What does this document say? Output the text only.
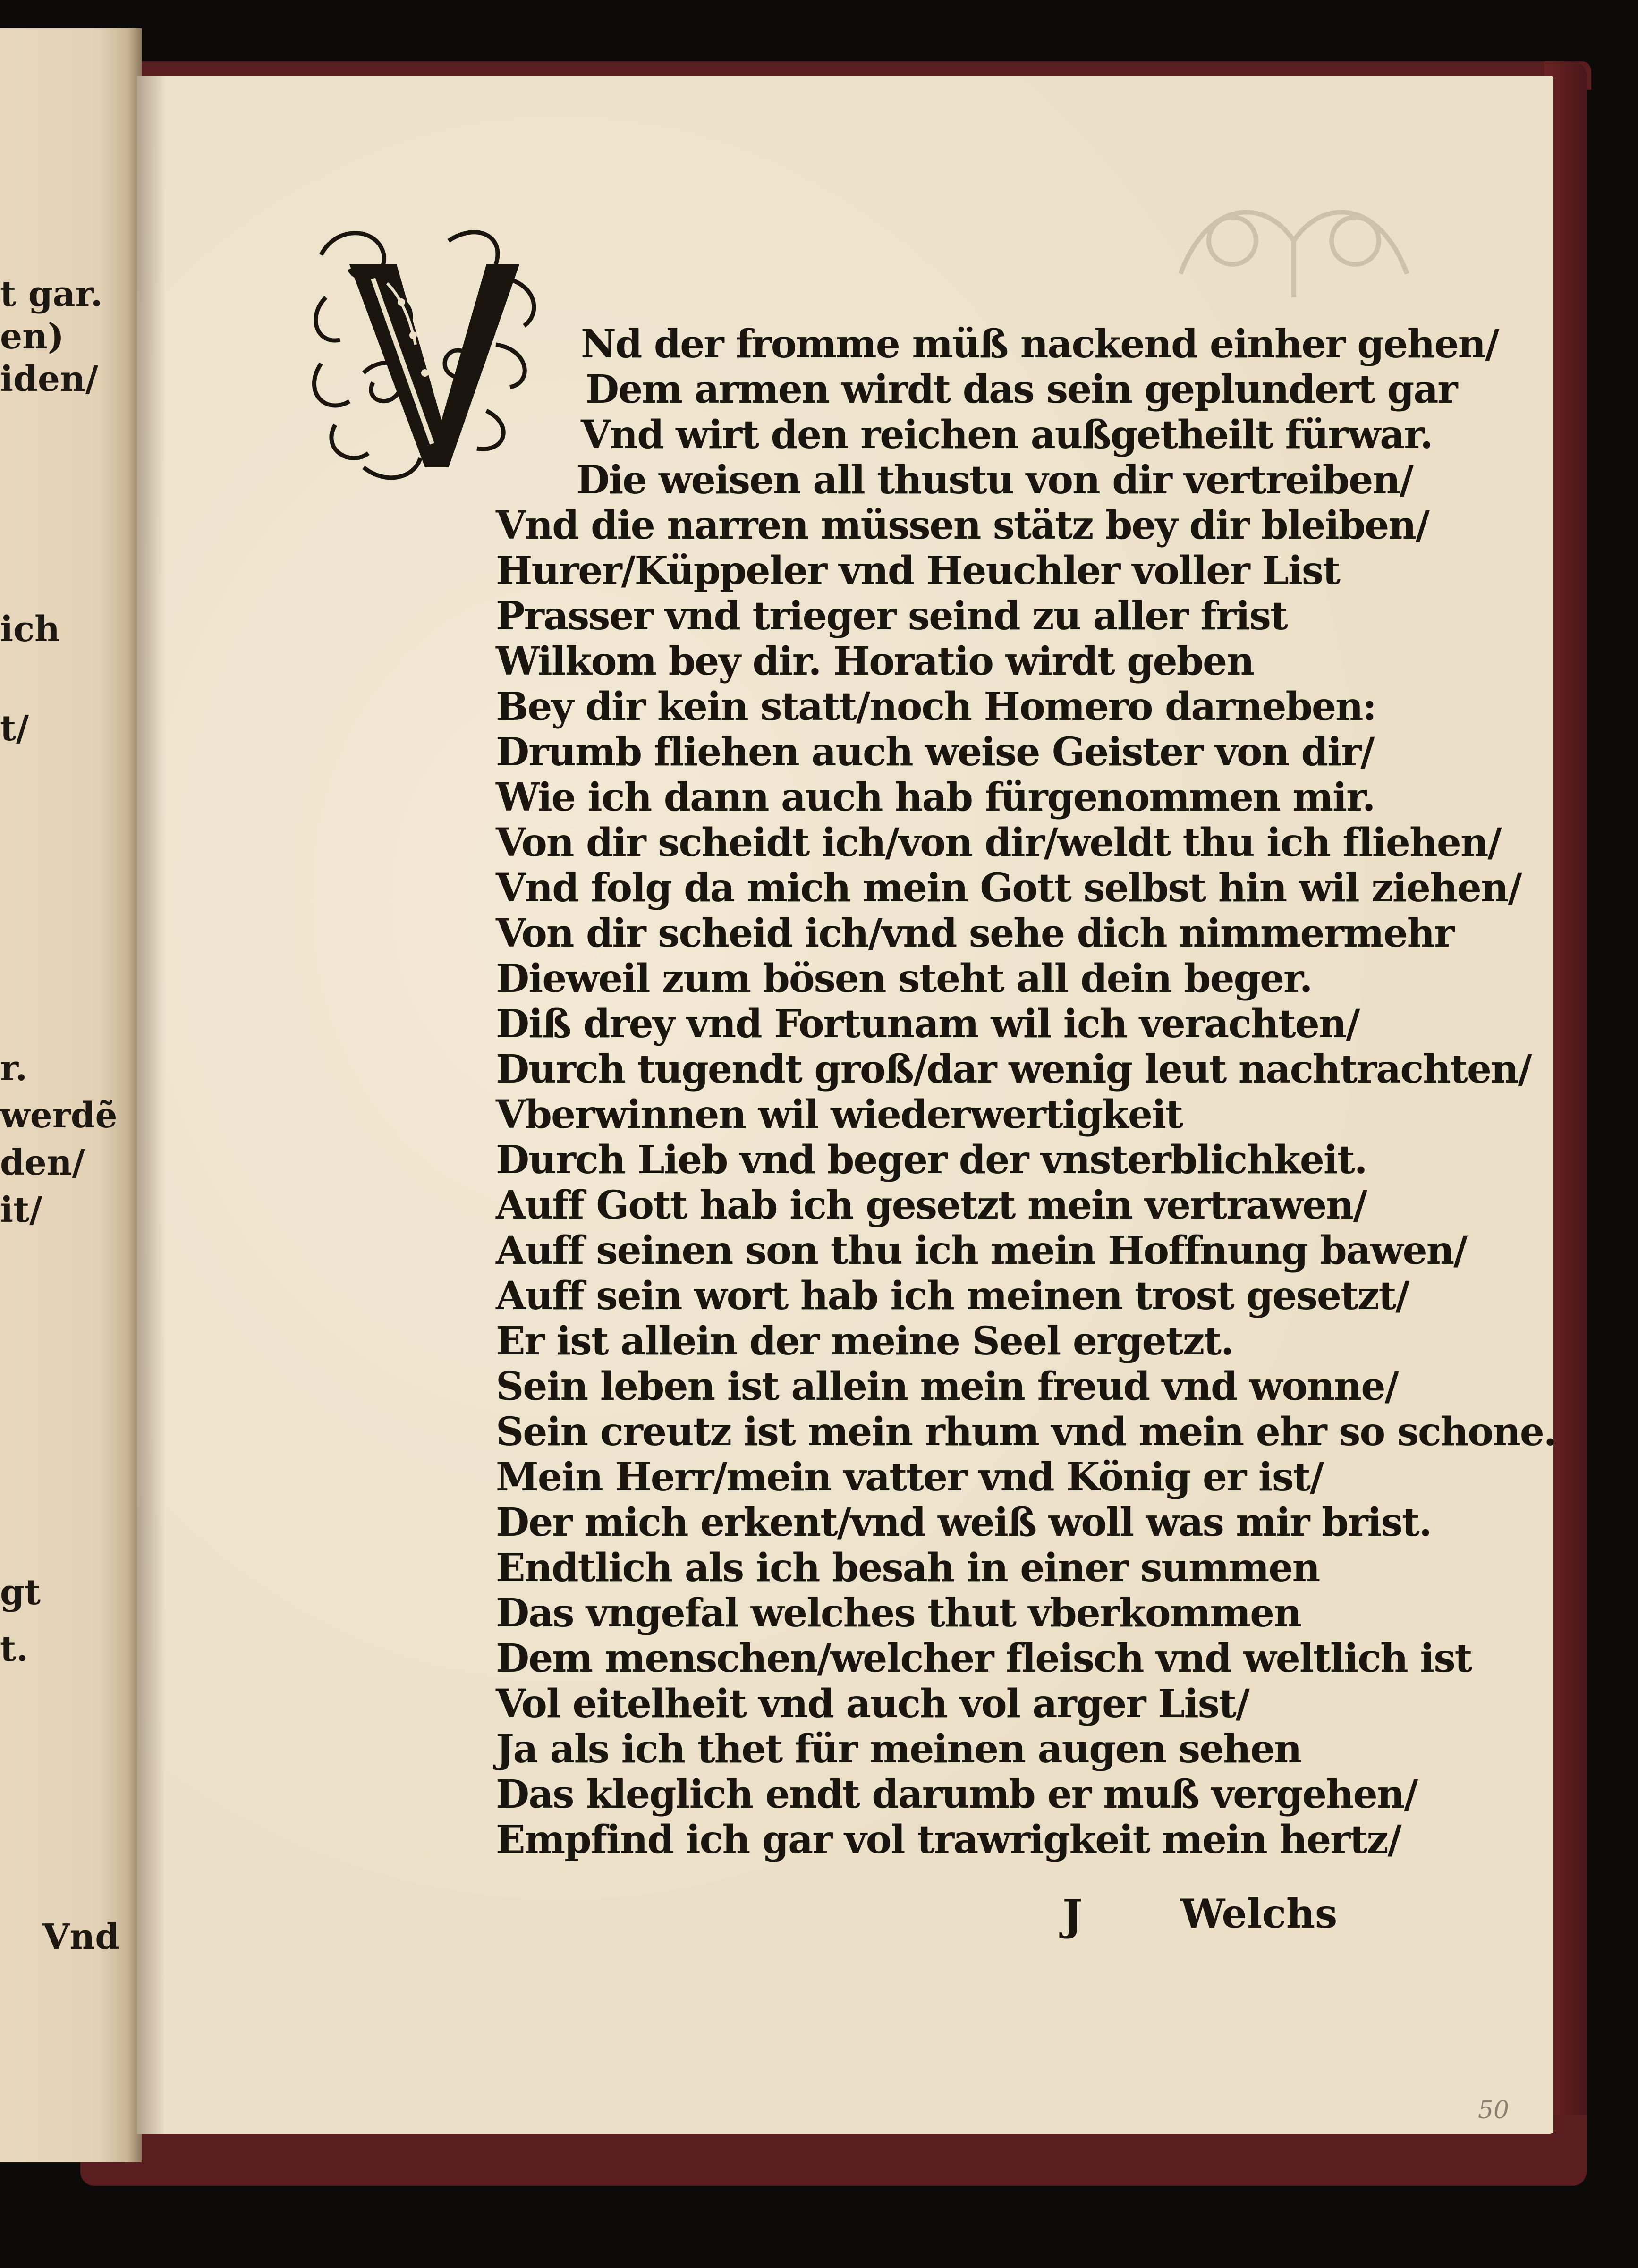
t gar.
en)
iden/
ich
t/
r.
werdẽ
den/
it/
gt
t.
Vnd
Nd der fromme müß nackend einher gehen/
Dem armen wirdt das sein geplundert gar
Vnd wirt den reichen außgetheilt fürwar.
Die weisen all thustu von dir vertreiben/
Vnd die narren müssen stätz bey dir bleiben/
Hurer/Küppeler vnd Heuchler voller List
Prasser vnd trieger seind zu aller frist
Wilkom bey dir. Horatio wirdt geben
Bey dir kein statt/noch Homero darneben:
Drumb fliehen auch weise Geister von dir/
Wie ich dann auch hab fürgenommen mir.
Von dir scheidt ich/von dir/weldt thu ich fliehen/
Vnd folg da mich mein Gott selbst hin wil ziehen/
Von dir scheid ich/vnd sehe dich nimmermehr
Dieweil zum bösen steht all dein beger.
Diß drey vnd Fortunam wil ich verachten/
Durch tugendt groß/dar wenig leut nachtrachten/
Vberwinnen wil wiederwertigkeit
Durch Lieb vnd beger der vnsterblichkeit.
Auff Gott hab ich gesetzt mein vertrawen/
Auff seinen son thu ich mein Hoffnung bawen/
Auff sein wort hab ich meinen trost gesetzt/
Er ist allein der meine Seel ergetzt.
Sein leben ist allein mein freud vnd wonne/
Sein creutz ist mein rhum vnd mein ehr so schone.
Mein Herr/mein vatter vnd König er ist/
Der mich erkent/vnd weiß woll was mir brist.
Endtlich als ich besah in einer summen
Das vngefal welches thut vberkommen
Dem menschen/welcher fleisch vnd weltlich ist
Vol eitelheit vnd auch vol arger List/
Ja als ich thet für meinen augen sehen
Das kleglich endt darumb er muß vergehen/
Empfind ich gar vol trawrigkeit mein hertz/
J Welchs
50
